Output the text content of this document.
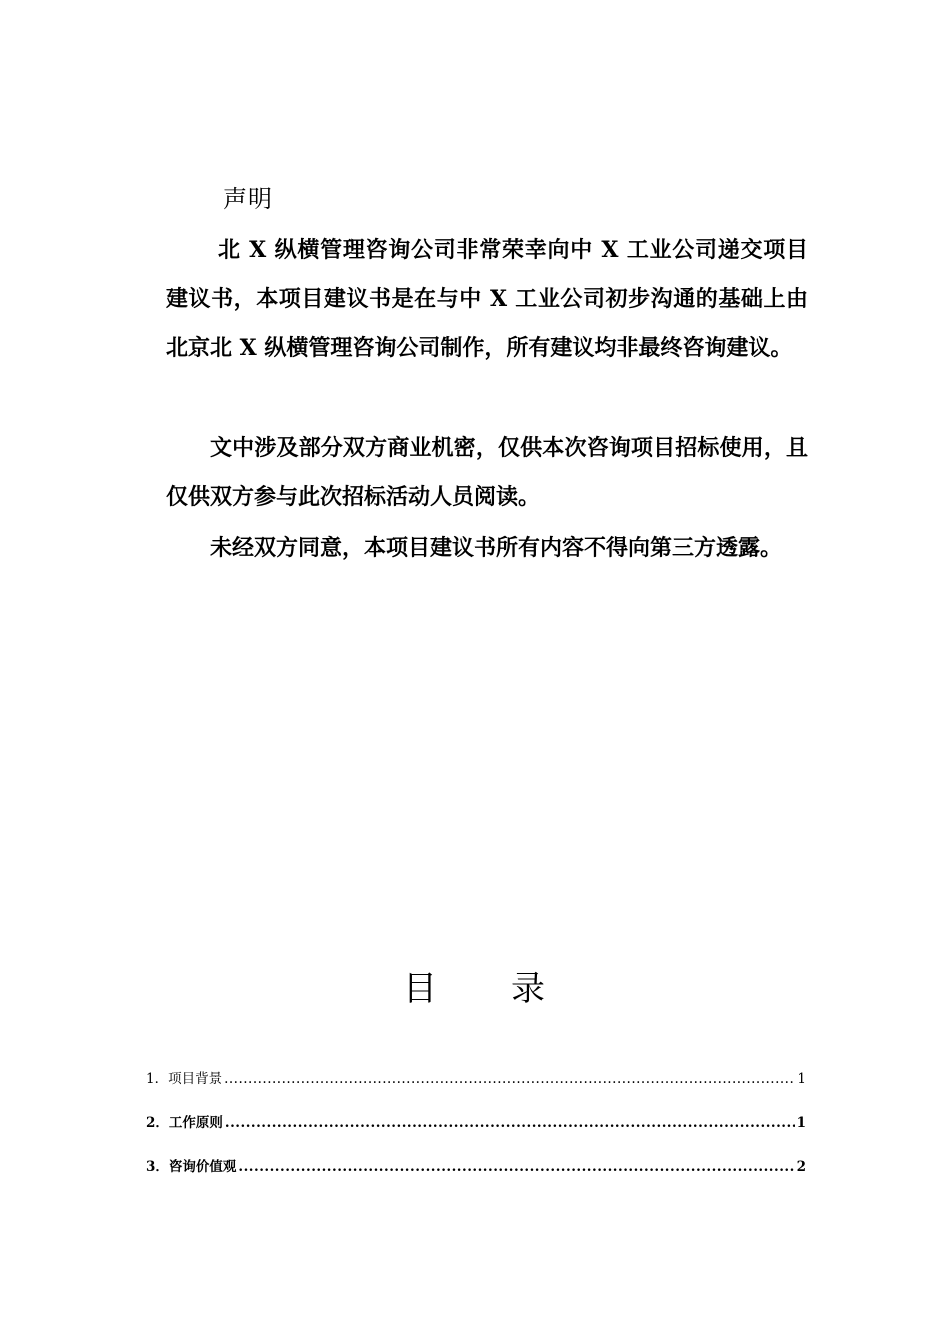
声明
北 X 纵横管理咨询公司非常荣幸向中 X 工业公司递交项目建议书，本项目建议书是在与中 X 工业公司初步沟通的基础上由北京北 X 纵横管理咨询公司制作，所有建议均非最终咨询建议。
文中涉及部分双方商业机密，仅供本次咨询项目招标使用，且仅供双方参与此次招标活动人员阅读。
未经双方同意，本项目建议书所有内容不得向第三方透露。
目 录
1． 项目背景 .....	1
2． 工作原则 .....	1
3． 咨询价值观 .....	2
